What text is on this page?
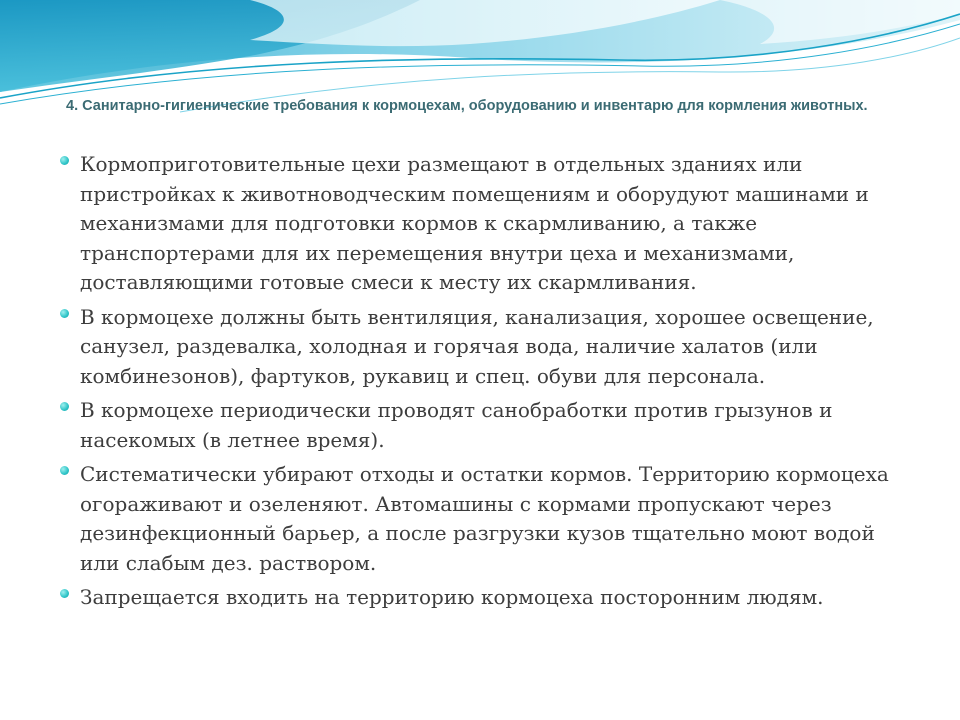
4. Санитарно-гигиенические требования к кормоцехам, оборудованию и инвентарю для кормления животных.
Кормоприготовительные цехи размещают в отдельных зданиях или пристройках к животноводческим помещениям и оборудуют машинами и механизмами для подготовки кормов к скармливанию, а также транспортерами для их перемещения внутри цеха и механизмами, доставляющими готовые смеси к месту их скармливания.
В кормоцехе должны быть вентиляция, канализация, хорошее освещение, санузел, раздевалка, холодная и горячая вода, наличие халатов (или комбинезонов), фартуков, рукавиц и спец. обуви для персонала.
В кормоцехе периодически проводят санобработки против грызунов и насекомых (в летнее время).
Систематически убирают отходы и остатки кормов. Территорию кормоцеха огораживают и озеленяют. Автомашины с кормами пропускают через дезинфекционный барьер, а после разгрузки кузов тщательно моют водой или слабым дез. раствором.
Запрещается входить на территорию кормоцеха посторонним людям.
